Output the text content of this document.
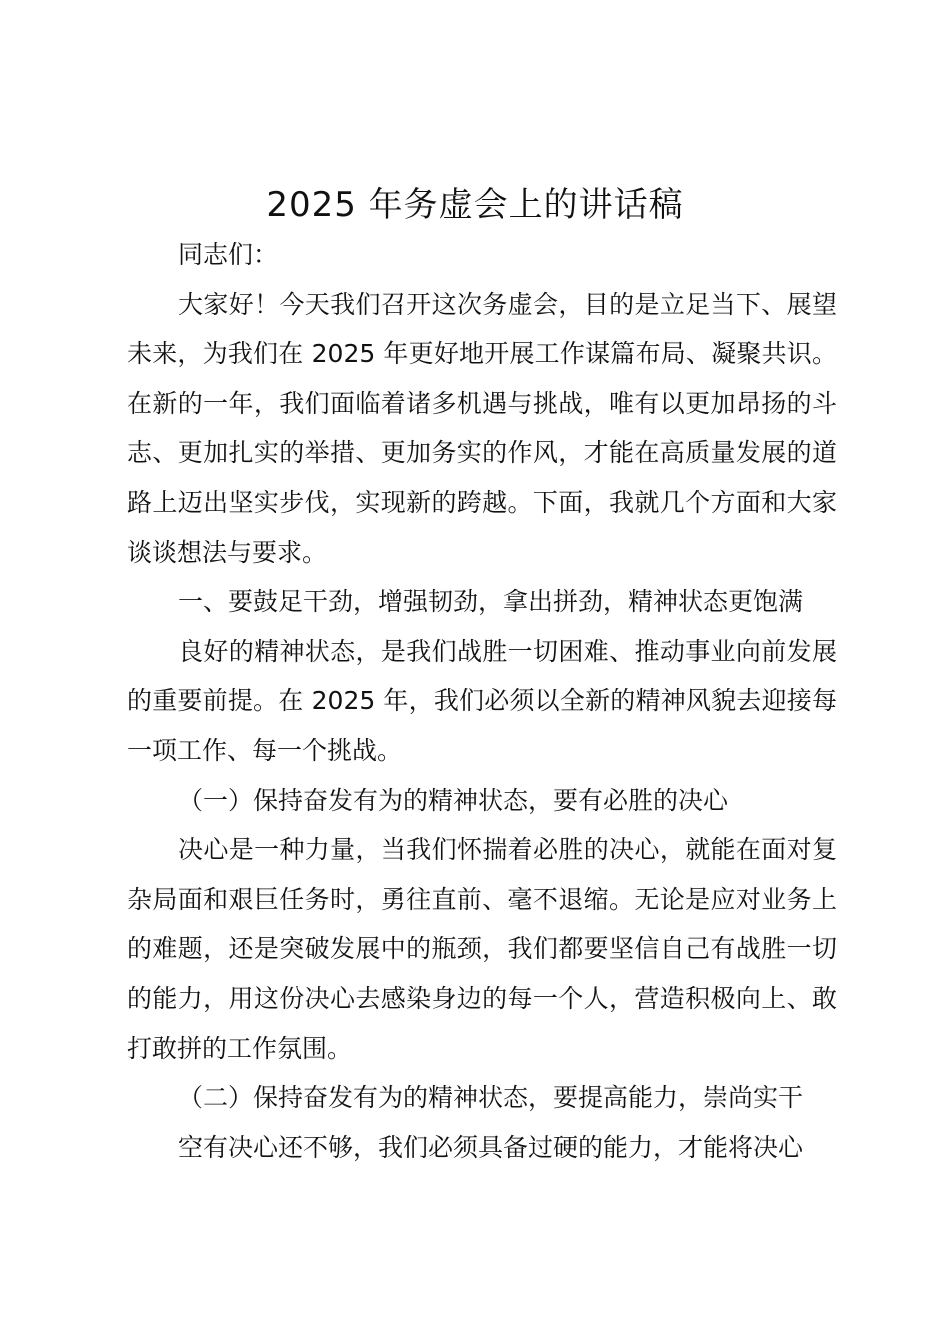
2025 年务虚会上的讲话稿

同志们：

大家好！今天我们召开这次务虚会，目的是立足当下、展望未来，为我们在 2025 年更好地开展工作谋篇布局、凝聚共识。在新的一年，我们面临着诸多机遇与挑战，唯有以更加昂扬的斗志、更加扎实的举措、更加务实的作风，才能在高质量发展的道路上迈出坚实步伐，实现新的跨越。下面，我就几个方面和大家谈谈想法与要求。

一、要鼓足干劲，增强韧劲，拿出拼劲，精神状态更饱满

良好的精神状态，是我们战胜一切困难、推动事业向前发展的重要前提。在 2025 年，我们必须以全新的精神风貌去迎接每一项工作、每一个挑战。

（一）保持奋发有为的精神状态，要有必胜的决心

决心是一种力量，当我们怀揣着必胜的决心，就能在面对复杂局面和艰巨任务时，勇往直前、毫不退缩。无论是应对业务上的难题，还是突破发展中的瓶颈，我们都要坚信自己有战胜一切的能力，用这份决心去感染身边的每一个人，营造积极向上、敢打敢拼的工作氛围。

（二）保持奋发有为的精神状态，要提高能力，崇尚实干

空有决心还不够，我们必须具备过硬的能力，才能将决心
